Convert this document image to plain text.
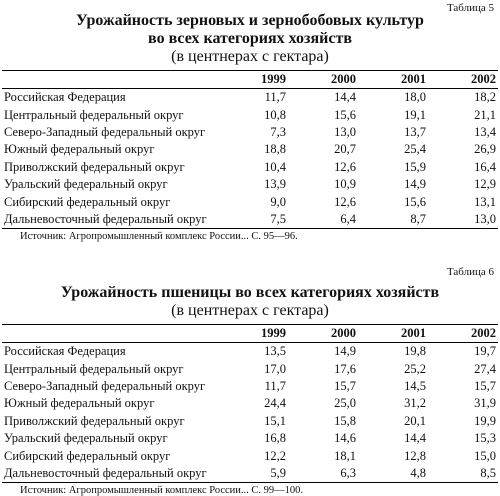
Таблица 5
Урожайность зерновых и зернобобовых культур
во всех категориях хозяйств
(в центнерах с гектара)
	1999	2000	2001	2002
Российская Федерация	11,7	14,4	18,0	18,2
Центральный федеральный округ	10,8	15,6	19,1	21,1
Северо-Западный федеральный округ	7,3	13,0	13,7	13,4
Южный федеральный округ	18,8	20,7	25,4	26,9
Приволжский федеральный округ	10,4	12,6	15,9	16,4
Уральский федеральный округ	13,9	10,9	14,9	12,9
Сибирский федеральный округ	9,0	12,6	15,6	13,1
Дальневосточный федеральный округ	7,5	6,4	8,7	13,0
Источник: Агропромышленный комплекс России... С. 95—96.
Таблица 6
Урожайность пшеницы во всех категориях хозяйств
(в центнерах с гектара)
	1999	2000	2001	2002
Российская Федерация	13,5	14,9	19,8	19,7
Центральный федеральный округ	17,0	17,6	25,2	27,4
Северо-Западный федеральный округ	11,7	15,7	14,5	15,7
Южный федеральный округ	24,4	25,0	31,2	31,9
Приволжский федеральный округ	15,1	15,8	20,1	19,9
Уральский федеральный округ	16,8	14,6	14,4	15,3
Сибирский федеральный округ	12,2	18,1	12,8	15,0
Дальневосточный федеральный округ	5,9	6,3	4,8	8,5
Источник: Агропромышленный комплекс России... С. 99—100.
